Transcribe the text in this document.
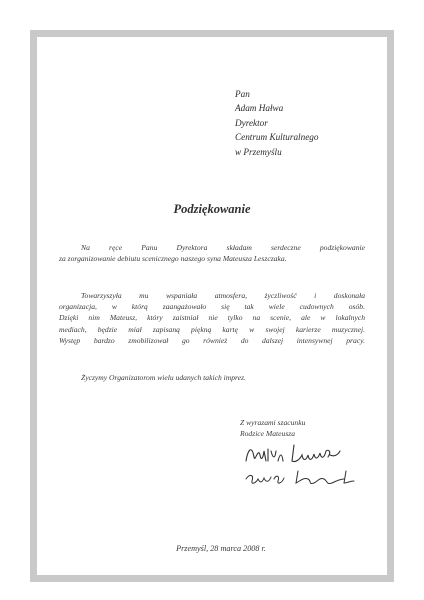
Pan
Adam Hałwa
Dyrektor
Centrum Kulturalnego
w Przemyślu
Podziękowanie

Na ręce Panu Dyrektora składam serdeczne podziękowanie
za zorganizowanie debiutu scenicznego naszego syna Mateusza Leszczaka.

Towarzyszyła mu wspaniała atmosfera, życzliwość i doskonała
organizacja, w którą zaangażowało się tak wiele cudownych osób.
Dzięki nim Mateusz, który zaistniał nie tylko na scenie, ale w lokalnych
mediach, będzie miał zapisaną piękną kartę w swojej karierze muzycznej.
Występ bardzo zmobilizował go również do dalszej intensywnej pracy.

Życzymy Organizatorom wielu udanych takich imprez.

Z wyrazami szacunku
Rodzice Mateusza

Przemyśl, 28 marca 2008 r.
